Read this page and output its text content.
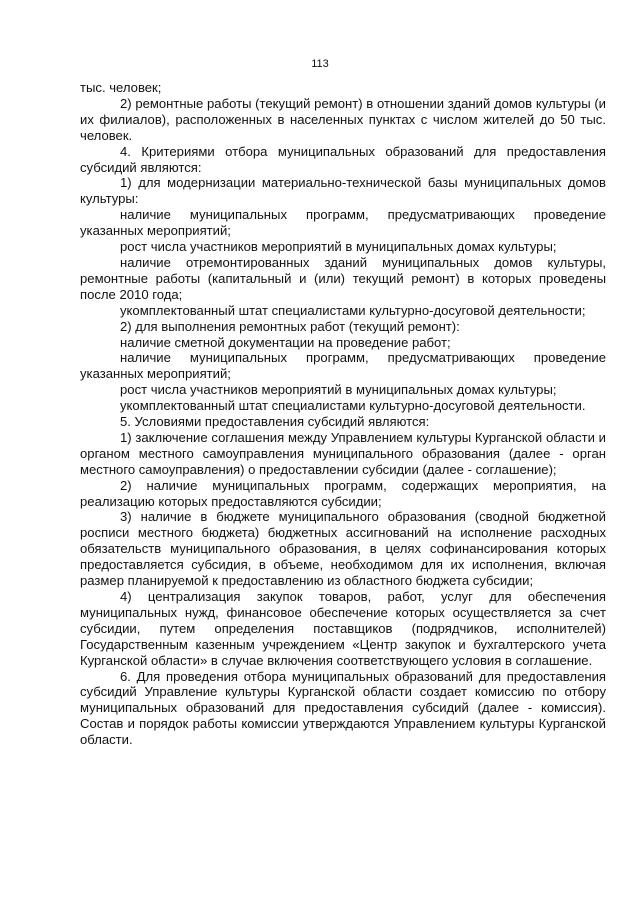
113

тыс. человек;

2) ремонтные работы (текущий ремонт) в отношении зданий домов культуры (и их филиалов), расположенных в населенных пунктах с числом жителей до 50 тыс. человек.

4. Критериями отбора муниципальных образований для предоставления субсидий являются:

1) для модернизации материально-технической базы муниципальных домов культуры:

наличие муниципальных программ, предусматривающих проведение указанных мероприятий;

рост числа участников мероприятий в муниципальных домах культуры;

наличие отремонтированных зданий муниципальных домов культуры, ремонтные работы (капитальный и (или) текущий ремонт) в которых проведены после 2010 года;

укомплектованный штат специалистами культурно-досуговой деятельности;

2) для выполнения ремонтных работ (текущий ремонт):

наличие сметной документации на проведение работ;

наличие муниципальных программ, предусматривающих проведение указанных мероприятий;

рост числа участников мероприятий в муниципальных домах культуры;

укомплектованный штат специалистами культурно-досуговой деятельности.

5. Условиями предоставления субсидий являются:

1) заключение соглашения между Управлением культуры Курганской области и органом местного самоуправления муниципального образования (далее - орган местного самоуправления) о предоставлении субсидии (далее - соглашение);

2) наличие муниципальных программ, содержащих мероприятия, на реализацию которых предоставляются субсидии;

3) наличие в бюджете муниципального образования (сводной бюджетной росписи местного бюджета) бюджетных ассигнований на исполнение расходных обязательств муниципального образования, в целях софинансирования которых предоставляется субсидия, в объеме, необходимом для их исполнения, включая размер планируемой к предоставлению из областного бюджета субсидии;

4) централизация закупок товаров, работ, услуг для обеспечения муниципальных нужд, финансовое обеспечение которых осуществляется за счет субсидии, путем определения поставщиков (подрядчиков, исполнителей) Государственным казенным учреждением «Центр закупок и бухгалтерского учета Курганской области» в случае включения соответствующего условия в соглашение.

6. Для проведения отбора муниципальных образований для предоставления субсидий Управление культуры Курганской области создает комиссию по отбору муниципальных образований для предоставления субсидий (далее - комиссия). Состав и порядок работы комиссии утверждаются Управлением культуры Курганской области.
